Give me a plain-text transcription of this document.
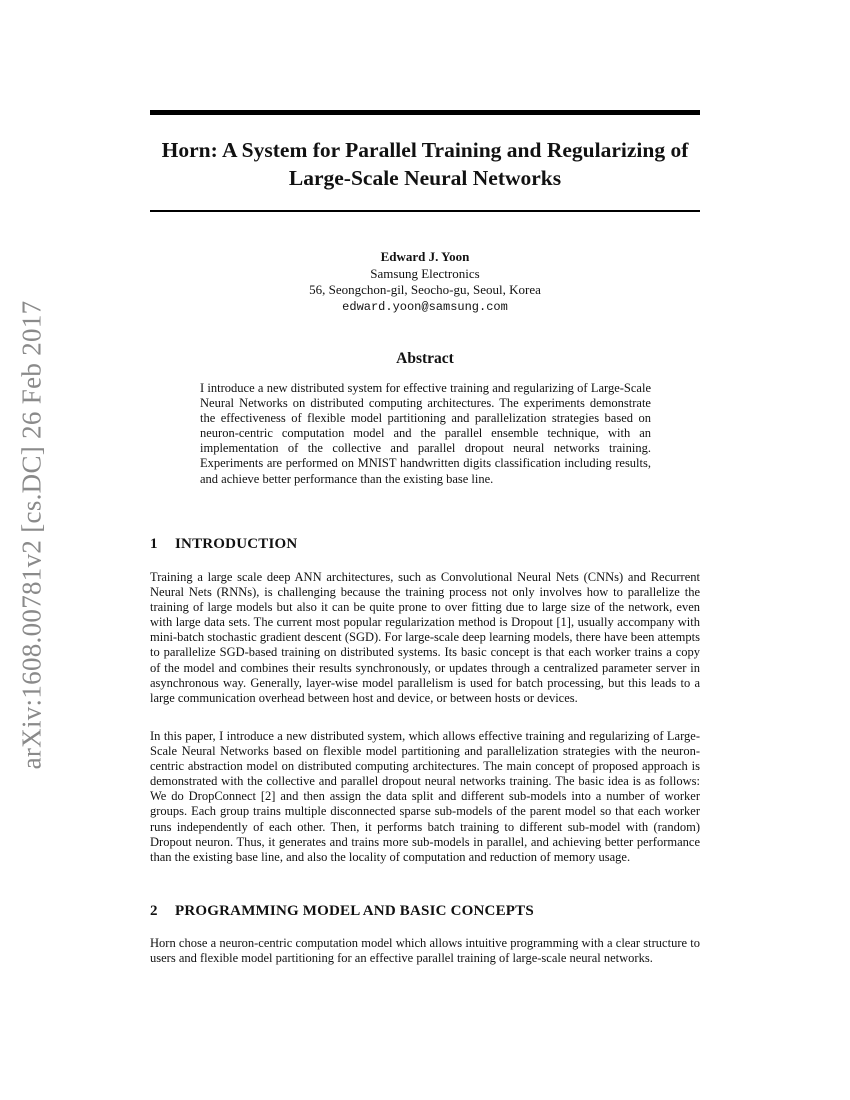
arXiv:1608.00781v2 [cs.DC] 26 Feb 2017
Horn: A System for Parallel Training and Regularizing of Large-Scale Neural Networks
Edward J. Yoon
Samsung Electronics
56, Seongchon-gil, Seocho-gu, Seoul, Korea
edward.yoon@samsung.com
Abstract

I introduce a new distributed system for effective training and regularizing of Large-Scale Neural Networks on distributed computing architectures. The experiments demonstrate the effectiveness of flexible model partitioning and parallelization strategies based on neuron-centric computation model and the parallel ensemble technique, with an implementation of the collective and parallel dropout neural networks training. Experiments are performed on MNIST handwritten digits classification including results, and achieve better performance than the existing base line.

1 INTRODUCTION

Training a large scale deep ANN architectures, such as Convolutional Neural Nets (CNNs) and Recurrent Neural Nets (RNNs), is challenging because the training process not only involves how to parallelize the training of large models but also it can be quite prone to over fitting due to large size of the network, even with large data sets. The current most popular regularization method is Dropout [1], usually accompany with mini-batch stochastic gradient descent (SGD). For large-scale deep learning models, there have been attempts to parallelize SGD-based training on distributed systems. Its basic concept is that each worker trains a copy of the model and combines their results synchronously, or updates through a centralized parameter server in asynchronous way. Generally, layer-wise model parallelism is used for batch processing, but this leads to a large communication overhead between host and device, or between hosts or devices.

In this paper, I introduce a new distributed system, which allows effective training and regularizing of Large-Scale Neural Networks based on flexible model partitioning and parallelization strategies with the neuron-centric abstraction model on distributed computing architectures. The main concept of proposed approach is demonstrated with the collective and parallel dropout neural networks training. The basic idea is as follows: We do DropConnect [2] and then assign the data split and different sub-models into a number of worker groups. Each group trains multiple disconnected sparse sub-models of the parent model so that each worker runs independently of each other. Then, it performs batch training to different sub-model with (random) Dropout neuron. Thus, it generates and trains more sub-models in parallel, and achieving better performance than the existing base line, and also the locality of computation and reduction of memory usage.

2 PROGRAMMING MODEL AND BASIC CONCEPTS

Horn chose a neuron-centric computation model which allows intuitive programming with a clear structure to users and flexible model partitioning for an effective parallel training of large-scale neural networks.
